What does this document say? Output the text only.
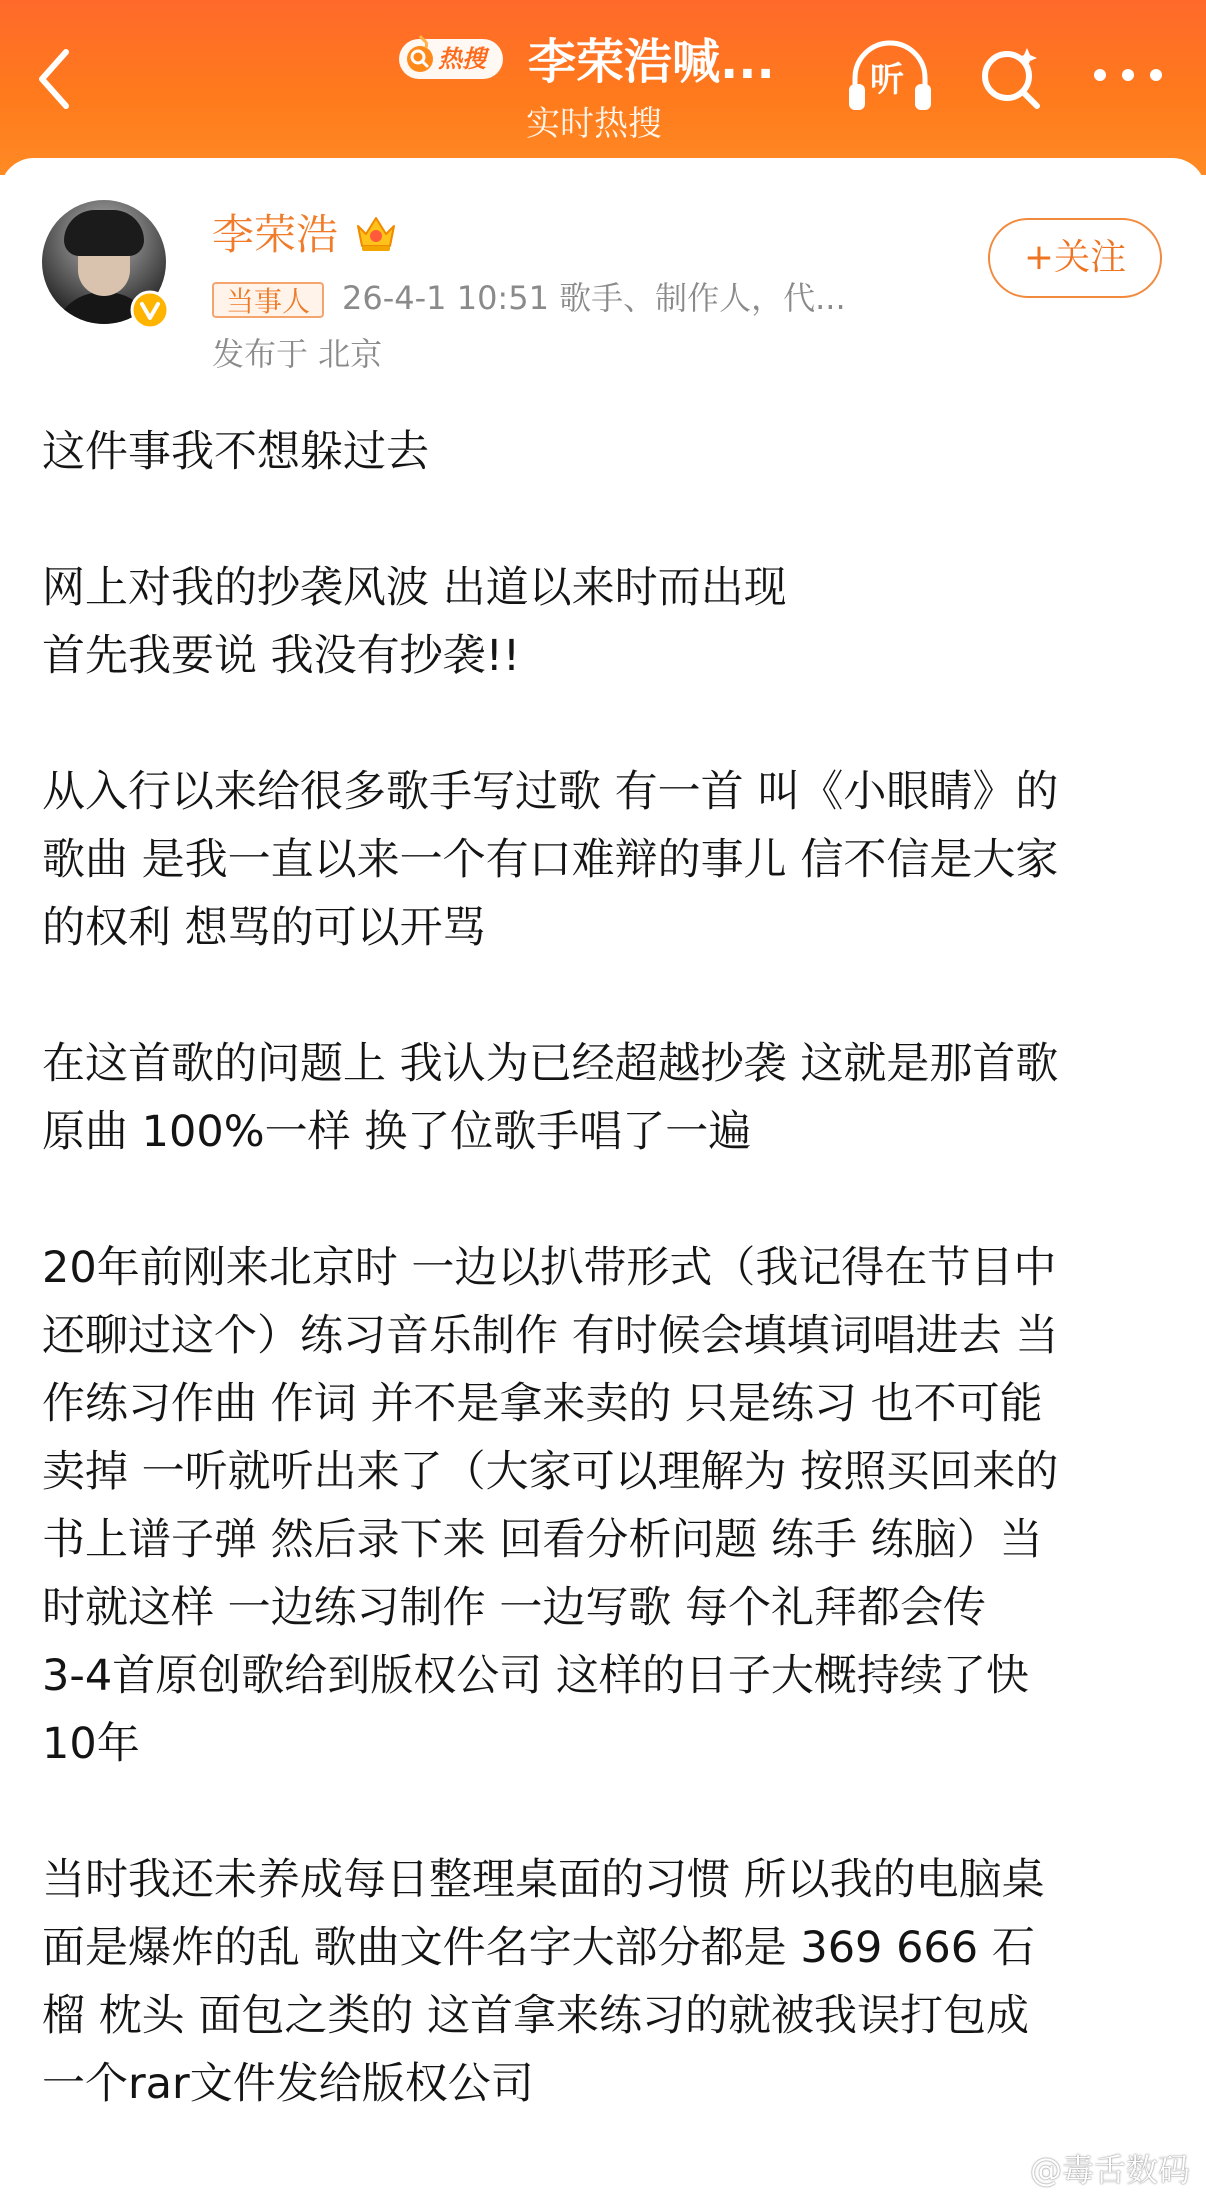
热搜 李荣浩喊...
实时热搜
听
李荣浩
当事人	26-4-1 10:51 歌手、制作人，代...
发布于 北京
+关注

这件事我不想躲过去

网上对我的抄袭风波 出道以来时而出现

首先我要说 我没有抄袭!!

从入行以来给很多歌手写过歌 有一首 叫《小眼睛》的

歌曲 是我一直以来一个有口难辩的事儿 信不信是大家

的权利 想骂的可以开骂

在这首歌的问题上 我认为已经超越抄袭 这就是那首歌

原曲 100%一样 换了位歌手唱了一遍

20年前刚来北京时 一边以扒带形式（我记得在节目中

还聊过这个）练习音乐制作 有时候会填填词唱进去 当

作练习作曲 作词 并不是拿来卖的 只是练习 也不可能

卖掉 一听就听出来了（大家可以理解为 按照买回来的

书上谱子弹 然后录下来 回看分析问题 练手 练脑）当

时就这样 一边练习制作 一边写歌 每个礼拜都会传

3-4首原创歌给到版权公司 这样的日子大概持续了快

10年

当时我还未养成每日整理桌面的习惯 所以我的电脑桌

面是爆炸的乱 歌曲文件名字大部分都是 369 666 石

榴 枕头 面包之类的 这首拿来练习的就被我误打包成

一个rar文件发给版权公司

@毒舌数码
